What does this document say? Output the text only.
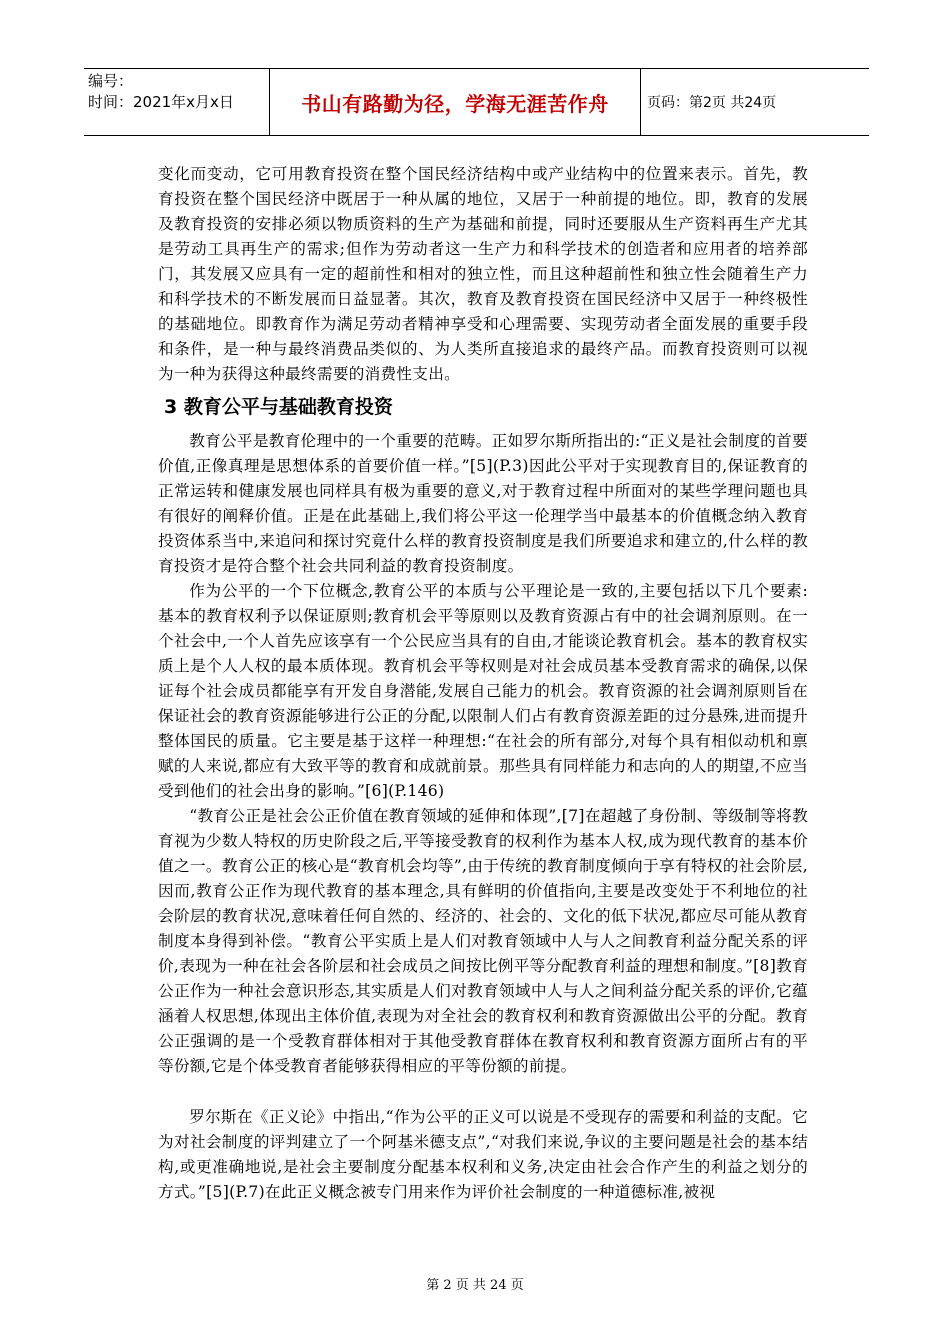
编号：
时间：2021年x月x日	书山有路勤为径，学海无涯苦作舟	页码：第2页 共24页

变化而变动，它可用教育投资在整个国民经济结构中或产业结构中的位置来表示。首先，教育投资在整个国民经济中既居于一种从属的地位，又居于一种前提的地位。即，教育的发展及教育投资的安排必须以物质资料的生产为基础和前提，同时还要服从生产资料再生产尤其是劳动工具再生产的需求;但作为劳动者这一生产力和科学技术的创造者和应用者的培养部门，其发展又应具有一定的超前性和相对的独立性，而且这种超前性和独立性会随着生产力和科学技术的不断发展而日益显著。其次，教育及教育投资在国民经济中又居于一种终极性的基础地位。即教育作为满足劳动者精神享受和心理需要、实现劳动者全面发展的重要手段和条件，是一种与最终消费品类似的、为人类所直接追求的最终产品。而教育投资则可以视为一种为获得这种最终需要的消费性支出。

3 教育公平与基础教育投资

教育公平是教育伦理中的一个重要的范畴。正如罗尔斯所指出的:“正义是社会制度的首要价值,正像真理是思想体系的首要价值一样。”[5](P.3)因此公平对于实现教育目的,保证教育的正常运转和健康发展也同样具有极为重要的意义,对于教育过程中所面对的某些学理问题也具有很好的阐释价值。正是在此基础上,我们将公平这一伦理学当中最基本的价值概念纳入教育投资体系当中,来追问和探讨究竟什么样的教育投资制度是我们所要追求和建立的,什么样的教育投资才是符合整个社会共同利益的教育投资制度。

作为公平的一个下位概念,教育公平的本质与公平理论是一致的,主要包括以下几个要素:基本的教育权利予以保证原则;教育机会平等原则以及教育资源占有中的社会调剂原则。在一个社会中,一个人首先应该享有一个公民应当具有的自由,才能谈论教育机会。基本的教育权实质上是个人人权的最本质体现。教育机会平等权则是对社会成员基本受教育需求的确保,以保证每个社会成员都能享有开发自身潜能,发展自己能力的机会。教育资源的社会调剂原则旨在保证社会的教育资源能够进行公正的分配,以限制人们占有教育资源差距的过分悬殊,进而提升整体国民的质量。它主要是基于这样一种理想:“在社会的所有部分,对每个具有相似动机和禀赋的人来说,都应有大致平等的教育和成就前景。那些具有同样能力和志向的人的期望,不应当受到他们的社会出身的影响。”[6](P.146)

“教育公正是社会公正价值在教育领域的延伸和体现”,[7]在超越了身份制、等级制等将教育视为少数人特权的历史阶段之后,平等接受教育的权利作为基本人权,成为现代教育的基本价值之一。教育公正的核心是“教育机会均等”,由于传统的教育制度倾向于享有特权的社会阶层,因而,教育公正作为现代教育的基本理念,具有鲜明的价值指向,主要是改变处于不利地位的社会阶层的教育状况,意味着任何自然的、经济的、社会的、文化的低下状况,都应尽可能从教育制度本身得到补偿。“教育公平实质上是人们对教育领域中人与人之间教育利益分配关系的评价,表现为一种在社会各阶层和社会成员之间按比例平等分配教育利益的理想和制度。”[8]教育公正作为一种社会意识形态,其实质是人们对教育领域中人与人之间利益分配关系的评价,它蕴涵着人权思想,体现出主体价值,表现为对全社会的教育权利和教育资源做出公平的分配。教育公正强调的是一个受教育群体相对于其他受教育群体在教育权利和教育资源方面所占有的平等份额,它是个体受教育者能够获得相应的平等份额的前提。

罗尔斯在《正义论》中指出,“作为公平的正义可以说是不受现存的需要和利益的支配。它为对社会制度的评判建立了一个阿基米德支点”,“对我们来说,争议的主要问题是社会的基本结构,或更准确地说,是社会主要制度分配基本权利和义务,决定由社会合作产生的利益之划分的方式。”[5](P.7)在此正义概念被专门用来作为评价社会制度的一种道德标准,被视

第 2 页 共 24 页
